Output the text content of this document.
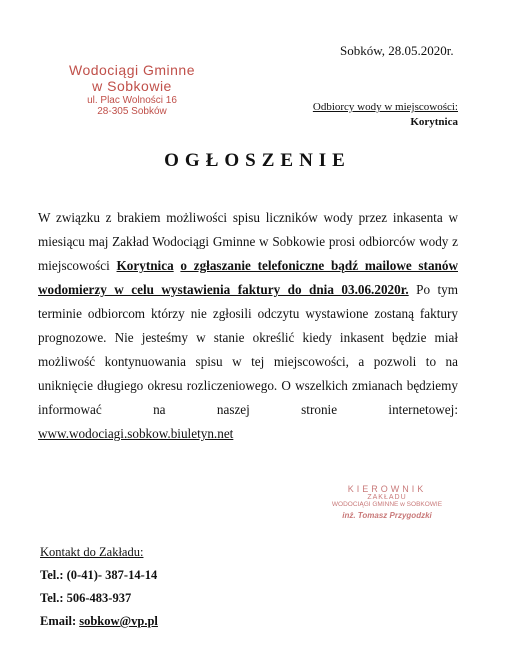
Sobków, 28.05.2020r.
Wodociągi Gminne
w Sobkowie
ul. Plac Wolności 16
28-305 Sobków	Odbiorcy wody w miejscowości:
Korytnica
OGŁOSZENIE
W związku z brakiem możliwości spisu liczników wody przez inkasenta w miesiącu maj Zakład Wodociągi Gminne w Sobkowie prosi odbiorców wody z miejscowości Korytnica o zgłaszanie telefoniczne bądź mailowe stanów wodomierzy w celu wystawienia faktury do dnia 03.06.2020r. Po tym terminie odbiorcom którzy nie zgłosili odczytu wystawione zostaną faktury prognozowe. Nie jesteśmy w stanie określić kiedy inkasent będzie miał możliwość kontynuowania spisu w tej miejscowości, a pozwoli to na uniknięcie długiego okresu rozliczeniowego. O wszelkich zmianach będziemy informować na naszej stronie internetowej: www.wodociagi.sobkow.biuletyn.net
KIEROWNIK
ZAKŁADU
WODOCIĄGI GMINNE w SOBKOWIE
inż. Tomasz Przygodzki
Kontakt do Zakładu:
Tel.: (0-41)- 387-14-14
Tel.: 506-483-937
Email: sobkow@vp.pl
